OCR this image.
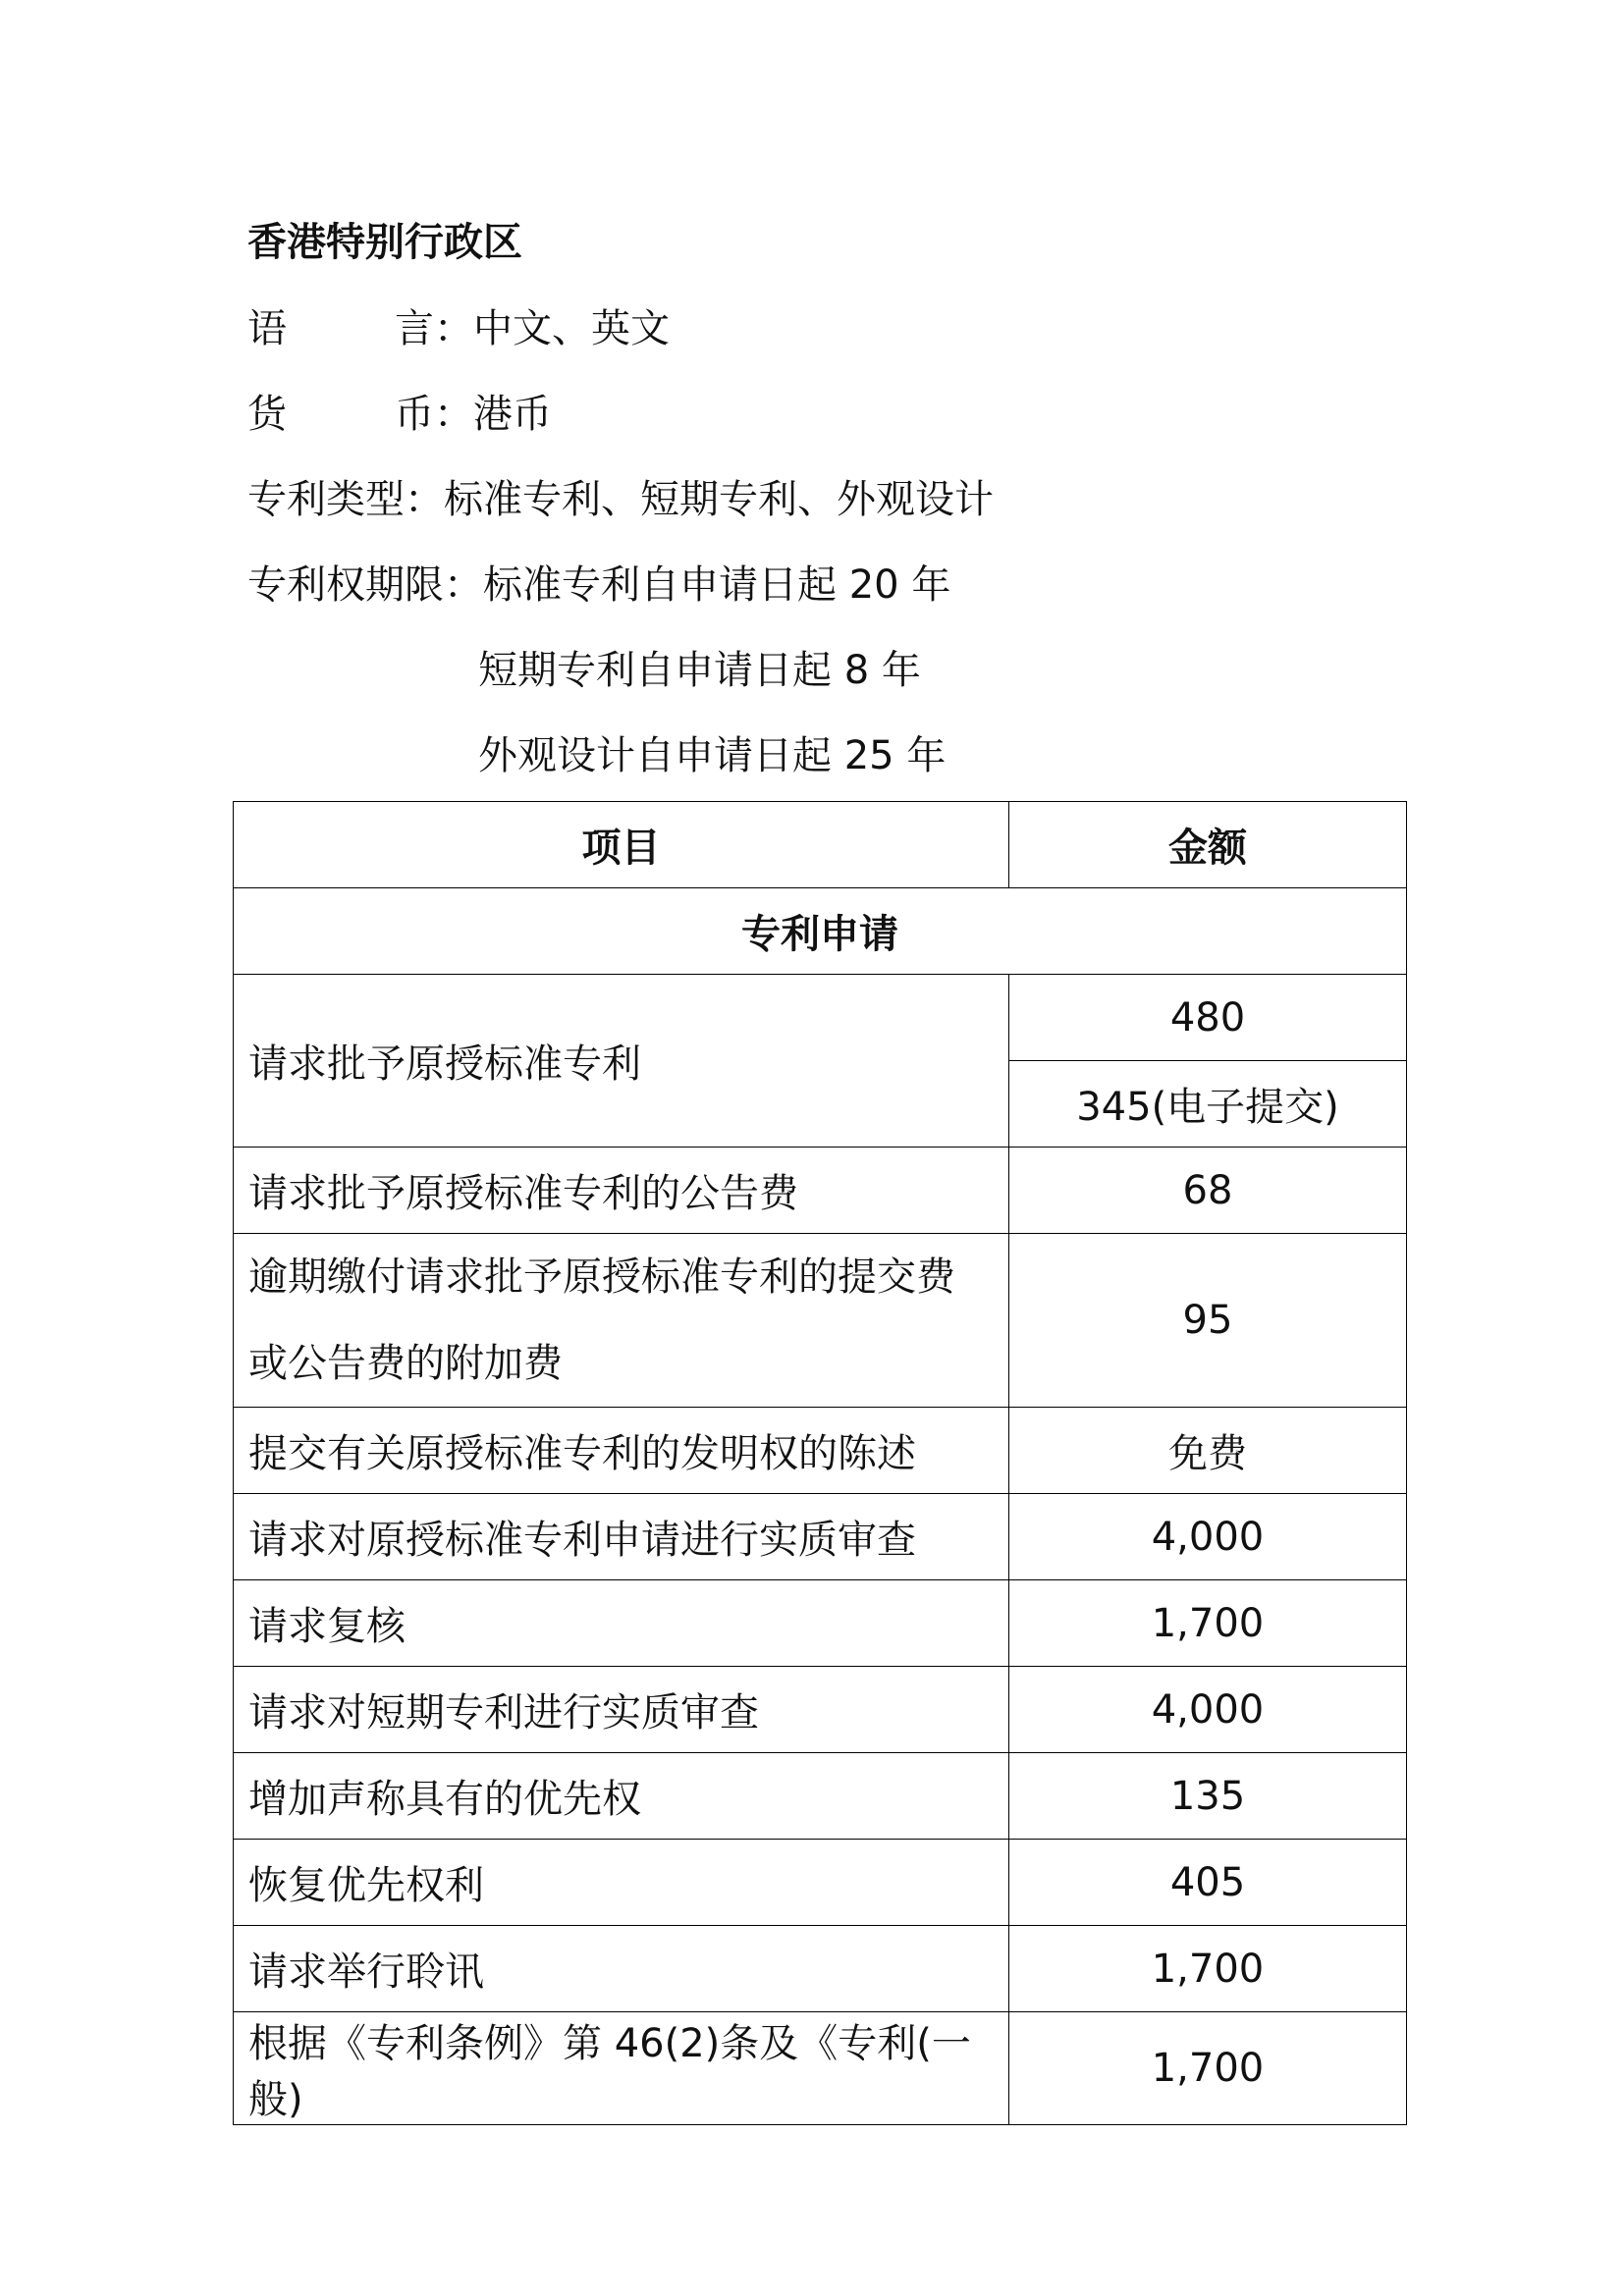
香港特别行政区
语	言 ：中文、英文
货	币 ：港币
专利类型：标准专利、短期专利、外观设计
专利权期限：标准专利自申请日起 20 年
短期专利自申请日起 8 年
外观设计自申请日起 25 年
项目	金额
专利申请	
请求批予原授标准专利	480
	345(电子提交)
请求批予原授标准专利的公告费	68
逾期缴付请求批予原授标准专利的提交费或公告费的附加费	95
提交有关原授标准专利的发明权的陈述	免费
请求对原授标准专利申请进行实质审查	4,000
请求复核	1,700
请求对短期专利进行实质审查	4,000
增加声称具有的优先权	135
恢复优先权利	405
请求举行聆讯	1,700
根据《专利条例》第 46(2)条及《专利(一般)	1,700
